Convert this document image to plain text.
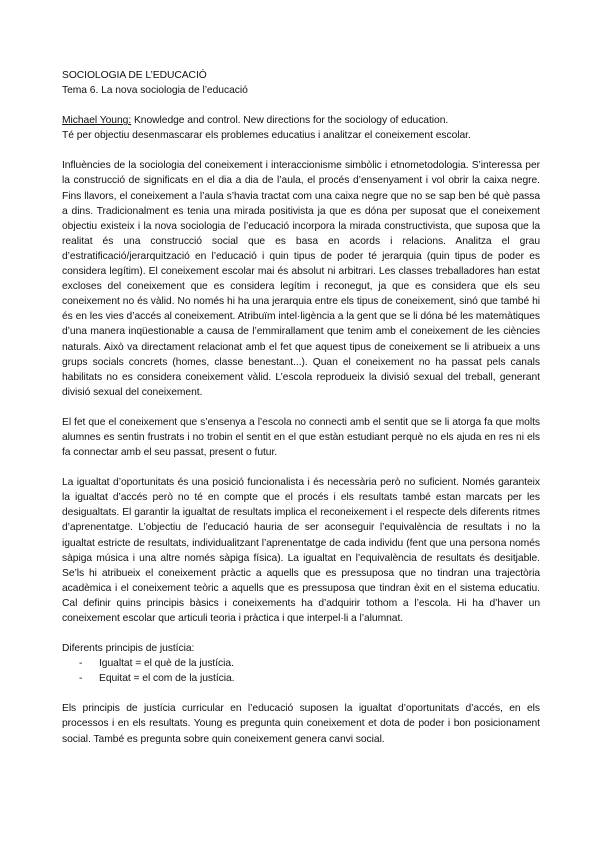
SOCIOLOGIA DE L’EDUCACIÓ

Tema 6. La nova sociologia de l’educació

Michael Young: Knowledge and control. New directions for the sociology of education.

Té per objectiu desenmascarar els problemes educatius i analitzar el coneixement escolar.

Influències de la sociologia del coneixement i interaccionisme simbòlic i etnometodologia. S’interessa per la construcció de significats en el dia a dia de l’aula, el procés d’ensenyament i vol obrir la caixa negre. Fins llavors, el coneixement a l’aula s’havia tractat com una caixa negre que no se sap ben bé què passa a dins. Tradicionalment es tenia una mirada positivista ja que es dóna per suposat que el coneixement objectiu existeix i la nova sociologia de l’educació incorpora la mirada constructivista, que suposa que la realitat és una construcció social que es basa en acords i relacions. Analitza el grau d’estratificació/jerarquització en l’educació i quin tipus de poder té jerarquia (quin tipus de poder es considera legítim). El coneixement escolar mai és absolut ni arbitrari. Les classes treballadores han estat excloses del coneixement que es considera legítim i reconegut, ja que es considera que els seu coneixement no és vàlid. No només hi ha una jerarquia entre els tipus de coneixement, sinó que també hi és en les vies d’accés al coneixement. Atribuïm intel·ligència a la gent que se li dóna bé les matemàtiques d’una manera inqüestionable a causa de l’emmirallament que tenim amb el coneixement de les ciències naturals. Això va directament relacionat amb el fet que aquest tipus de coneixement se li atribueix a uns grups socials concrets (homes, classe benestant...). Quan el coneixement no ha passat pels canals habilitats no es considera coneixement vàlid. L’escola reprodueix la divisió sexual del treball, generant divisió sexual del coneixement.

El fet que el coneixement que s’ensenya a l’escola no connecti amb el sentit que se li atorga fa que molts alumnes es sentin frustrats i no trobin el sentit en el que estàn estudiant perquè no els ajuda en res ni els fa connectar amb el seu passat, present o futur.

La igualtat d’oportunitats és una posició funcionalista i és necessària però no suficient. Només garanteix la igualtat d’accés però no té en compte que el procés i els resultats també estan marcats per les desigualtats. El garantir la igualtat de resultats implica el reconeixement i el respecte dels diferents ritmes d’aprenentatge. L’objectiu de l’educació hauria de ser aconseguir l’equivalència de resultats i no la igualtat estricte de resultats, individualitzant l’aprenentatge de cada individu (fent que una persona només sàpiga música i una altre només sàpiga física). La igualtat en l’equivalència de resultats és desitjable. Se’ls hi atribueix el coneixement pràctic a aquells que es pressuposa que no tindran una trajectòria acadèmica i el coneixement teòric a aquells que es pressuposa que tindran èxit en el sistema educatiu. Cal definir quins principis bàsics i coneixements ha d’adquirir tothom a l’escola. Hi ha d’haver un coneixement escolar que articuli teoria i pràctica i que interpel·li a l’alumnat.

Diferents principis de justícia:

- Igualtat = el què de la justícia.
- Equitat = el com de la justícia.

Els principis de justícia curricular en l’educació suposen la igualtat d’oportunitats d’accés, en els processos i en els resultats. Young es pregunta quin coneixement et dota de poder i bon posicionament social. També es pregunta sobre quin coneixement genera canvi social.
